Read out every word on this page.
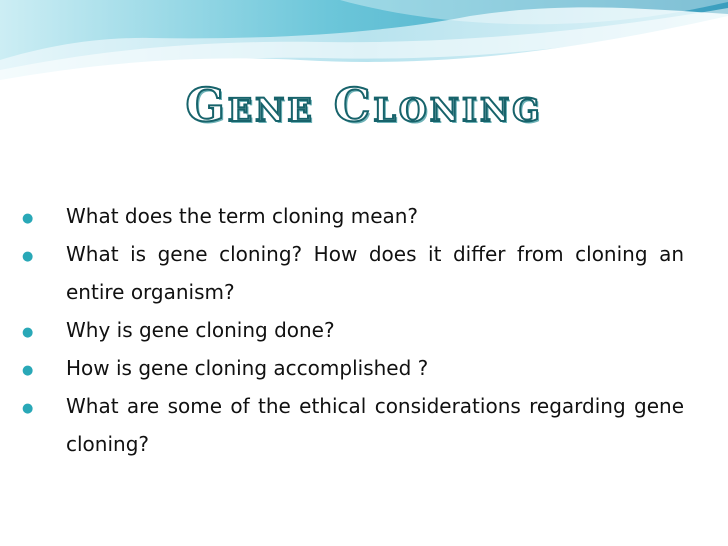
Gene Cloning
● What does the term cloning mean?
● What is gene cloning? How does it differ from cloning an entire organism?
● Why is gene cloning done?
● How is gene cloning accomplished ?
● What are some of the ethical considerations regarding gene cloning?
